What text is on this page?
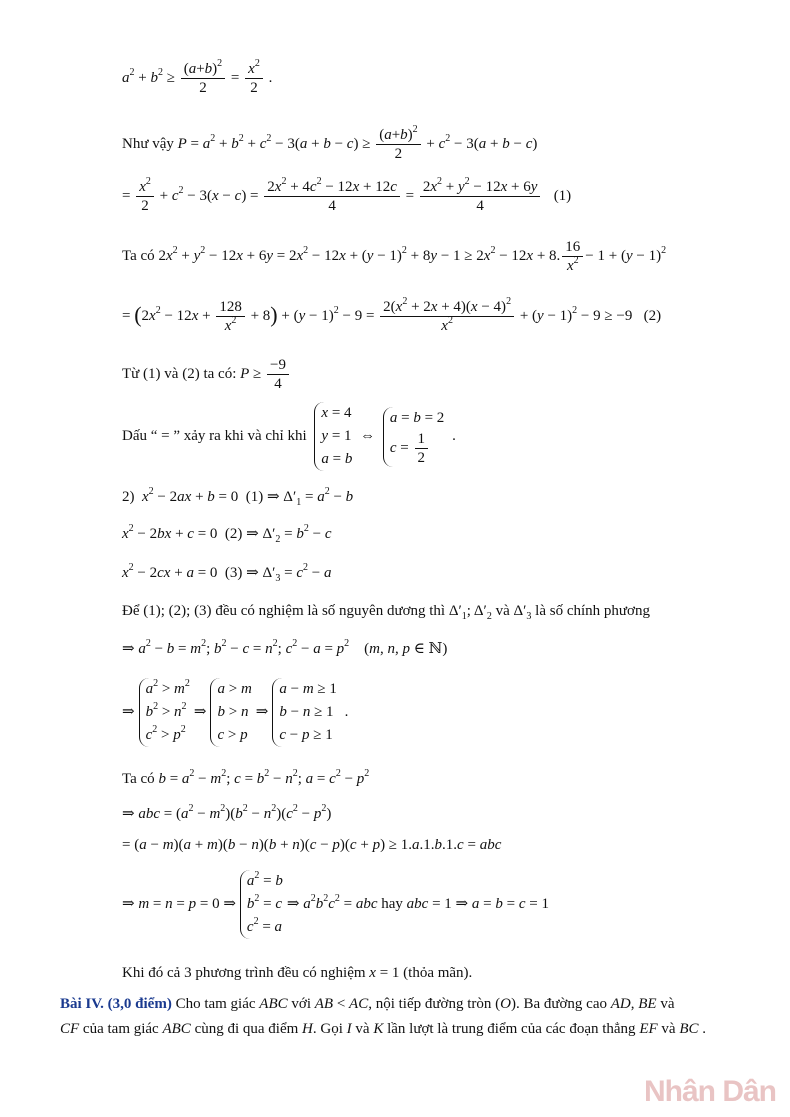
$a^2 + b^2 \ge \frac{(a+b)^2}{2} = \frac{x^2}{2}$ .
Như vậy $P = a^2 + b^2 + c^2 - 3(a + b - c) \ge \frac{(a+b)^2}{2} + c^2 - 3(a + b - c)$
= $\frac{x^2}{2} + c^2 - 3(x - c) = \frac{2x^2 + 4c^2 - 12x + 12c}{4} = \frac{2x^2 + y^2 - 12x + 6y}{4} (1)$
Ta có $2x^2 + y^2 - 12x + 6y = 2x^2 - 12x + (y - 1)^2 + 8y - 1 \ge 2x^2 - 12x + 8$. $\frac{16}{x^2} - 1 + (y - 1)^2$
= $(2x^2 - 12x + \frac{128}{x^2} + 8) + (y - 1)^2 - 9 = \frac{2(x^2 + 2x + 4)(x - 4)^2}{x^2} + (y - 1)^2 - 9 \ge -9$   (2)
Từ (1) và (2) ta có: $P \ge \frac{-9}{4}$
Dấu “ = ” xảy ra khi và chỉ khi
x = 4
y = 1
a = b
⇔
a = b = 2
$c = \frac{1}{2}$ .
2) $x^2 - 2ax + b = 0$  (1) ⇒ $\Delta'_1 = a^2 - b$
$x^2 - 2bx + c = 0$  (2) ⇒ $\Delta'_2 = b^2 - c$
$x^2 - 2cx + a = 0$  (3) ⇒ $\Delta'_3 = c^2 - a$
Để (1); (2); (3) đều có nghiệm là số nguyên dương thì $\Delta'_1$; $\Delta'_2$ và $\Delta'_3$ là số chính phương
⇒ $a^2 - b = m^2$; $b^2 - c = n^2$; $c^2 - a = p^2$    (m, n, p ∈ ℕ)
⇒
$a^2 > m^2$
$b^2 > n^2$
$c^2 > p^2$
⇒
a > m
b > n
c > p
⇒
a − m ≥ 1
b − n ≥ 1
c − p ≥ 1
.
Ta có $b = a^2 - m^2$; $c = b^2 - n^2$; $a = c^2 - p^2$
⇒ abc = $(a^2 - m^2)(b^2 - n^2)(c^2 - p^2)$
= (a − m)(a + m)(b − n)(b + n)(c − p)(c + p) ≥ 1.a.1.b.1.c = abc
⇒ m = n = p = 0 ⇒
$a^2 = b$
$b^2 = c$
$c^2 = a$
⇒ $a^2b^2c^2$ = abc hay abc = 1 ⇒ a = b = c = 1
Khi đó cả 3 phương trình đều có nghiệm x = 1 (thỏa mãn).
Bài IV. (3,0 điểm) Cho tam giác ABC với AB < AC, nội tiếp đường tròn (O). Ba đường cao AD, BE và CF của tam giác ABC cùng đi qua điểm H. Gọi I và K lần lượt là trung điểm của các đoạn thẳng EF và BC .
Nhân Dân
